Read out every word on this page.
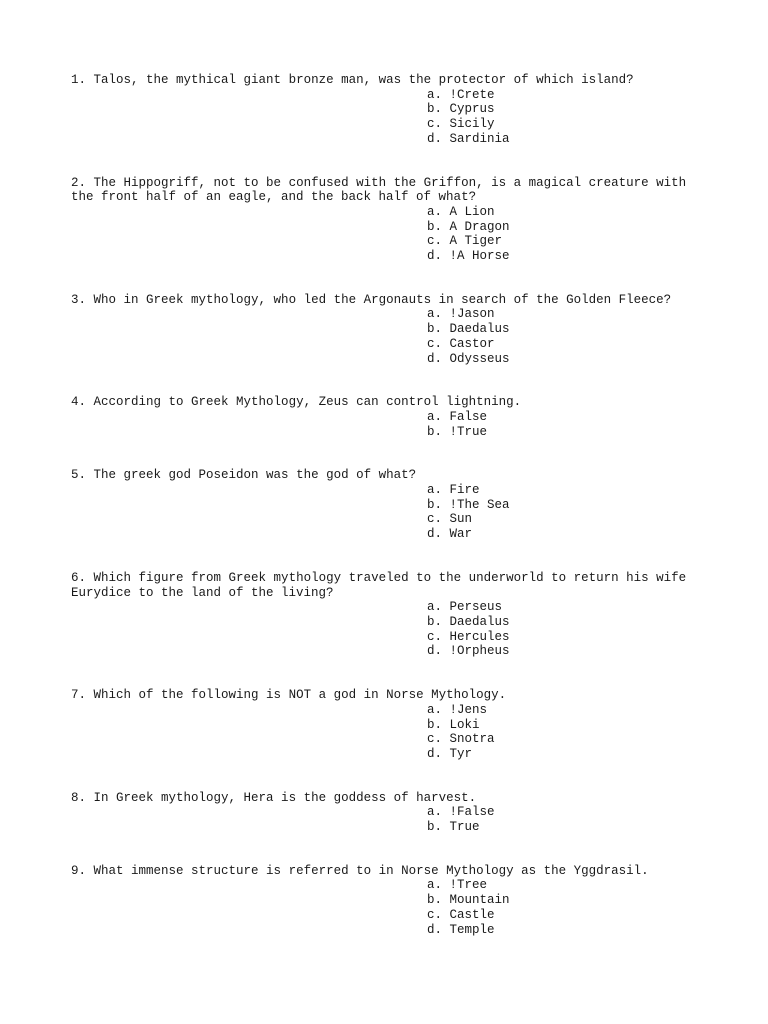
1. Talos, the mythical giant bronze man, was the protector of which island?
a. !Crete
b. Cyprus
c. Sicily
d. Sardinia
2. The Hippogriff, not to be confused with the Griffon, is a magical creature with the front half of an eagle, and the back half of what?
a. A Lion
b. A Dragon
c. A Tiger
d. !A Horse
3. Who in Greek mythology, who led the Argonauts in search of the Golden Fleece?
a. !Jason
b. Daedalus
c. Castor
d. Odysseus
4. According to Greek Mythology, Zeus can control lightning.
a. False
b. !True
5. The greek god Poseidon was the god of what?
a. Fire
b. !The Sea
c. Sun
d. War
6. Which figure from Greek mythology traveled to the underworld to return his wife Eurydice to the land of the living?
a. Perseus
b. Daedalus
c. Hercules
d. !Orpheus
7. Which of the following is NOT a god in Norse Mythology.
a. !Jens
b. Loki
c. Snotra
d. Tyr
8. In Greek mythology, Hera is the goddess of harvest.
a. !False
b. True
9. What immense structure is referred to in Norse Mythology as the Yggdrasil.
a. !Tree
b. Mountain
c. Castle
d. Temple
